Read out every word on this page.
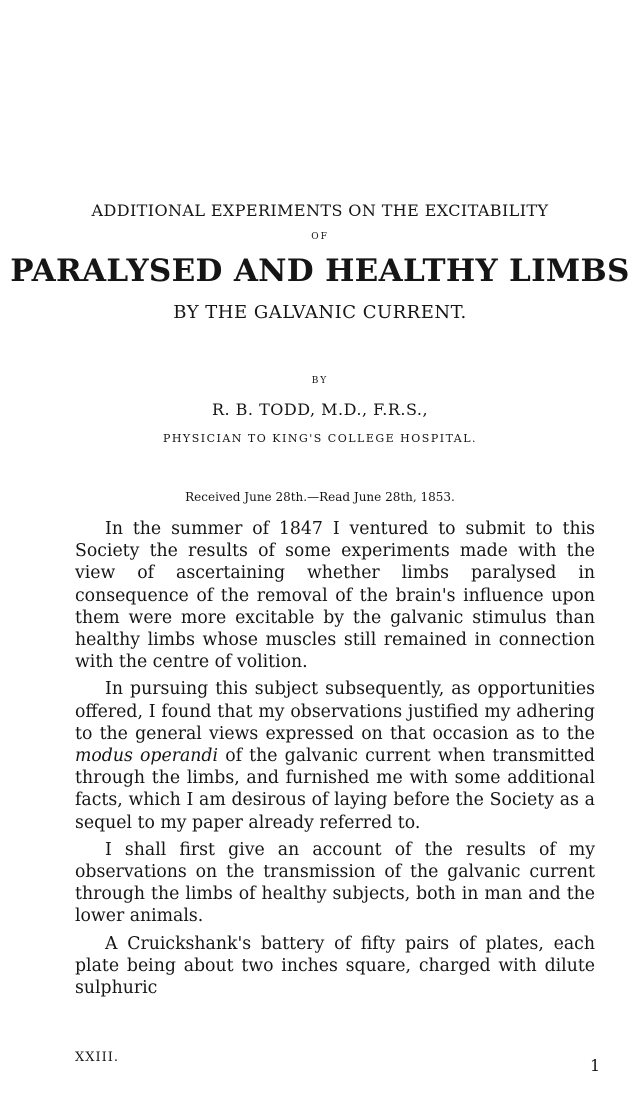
ADDITIONAL EXPERIMENTS ON THE EXCITABILITY
OF
PARALYSED AND HEALTHY LIMBS
BY THE GALVANIC CURRENT.
BY
R. B. TODD, M.D., F.R.S.,
PHYSICIAN TO KING'S COLLEGE HOSPITAL.
Received June 28th.—Read June 28th, 1853.

In the summer of 1847 I ventured to submit to this Society the results of some experiments made with the view of ascertaining whether limbs paralysed in consequence of the removal of the brain's influence upon them were more excitable by the galvanic stimulus than healthy limbs whose muscles still remained in connection with the centre of volition.

In pursuing this subject subsequently, as opportunities offered, I found that my observations justified my adhering to the general views expressed on that occasion as to the modus operandi of the galvanic current when transmitted through the limbs, and furnished me with some additional facts, which I am desirous of laying before the Society as a sequel to my paper already referred to.

I shall first give an account of the results of my observations on the transmission of the galvanic current through the limbs of healthy subjects, both in man and the lower animals.

A Cruickshank's battery of fifty pairs of plates, each plate being about two inches square, charged with dilute sulphuric

XXIII.	1
